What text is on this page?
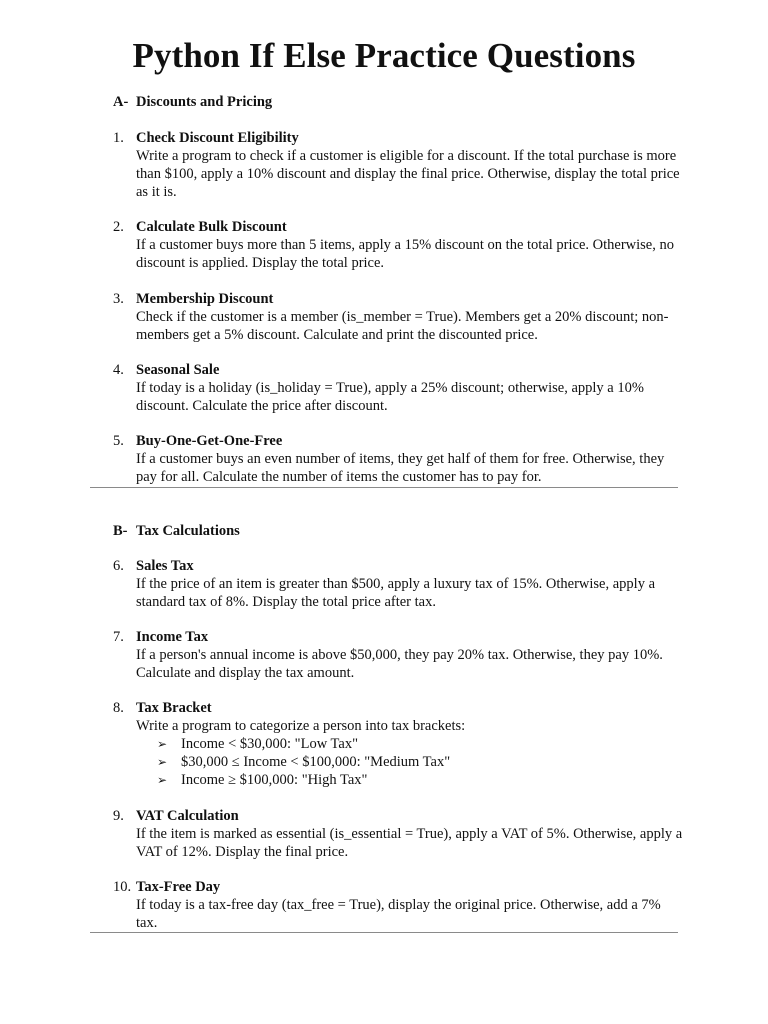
Python If Else Practice Questions
A- Discounts and Pricing
1. Check Discount Eligibility
Write a program to check if a customer is eligible for a discount. If the total purchase is more than $100, apply a 10% discount and display the final price. Otherwise, display the total price as it is.
2. Calculate Bulk Discount
If a customer buys more than 5 items, apply a 15% discount on the total price. Otherwise, no discount is applied. Display the total price.
3. Membership Discount
Check if the customer is a member (is_member = True). Members get a 20% discount; non-members get a 5% discount. Calculate and print the discounted price.
4. Seasonal Sale
If today is a holiday (is_holiday = True), apply a 25% discount; otherwise, apply a 10% discount. Calculate the price after discount.
5. Buy-One-Get-One-Free
If a customer buys an even number of items, they get half of them for free. Otherwise, they pay for all. Calculate the number of items the customer has to pay for.
B- Tax Calculations
6. Sales Tax
If the price of an item is greater than $500, apply a luxury tax of 15%. Otherwise, apply a standard tax of 8%. Display the total price after tax.
7. Income Tax
If a person's annual income is above $50,000, they pay 20% tax. Otherwise, they pay 10%. Calculate and display the tax amount.
8. Tax Bracket
Write a program to categorize a person into tax brackets:
➢ Income < $30,000: "Low Tax"
➢ $30,000 ≤ Income < $100,000: "Medium Tax"
➢ Income ≥ $100,000: "High Tax"
9. VAT Calculation
If the item is marked as essential (is_essential = True), apply a VAT of 5%. Otherwise, apply a VAT of 12%. Display the final price.
10. Tax-Free Day
If today is a tax-free day (tax_free = True), display the original price. Otherwise, add a 7% tax.
